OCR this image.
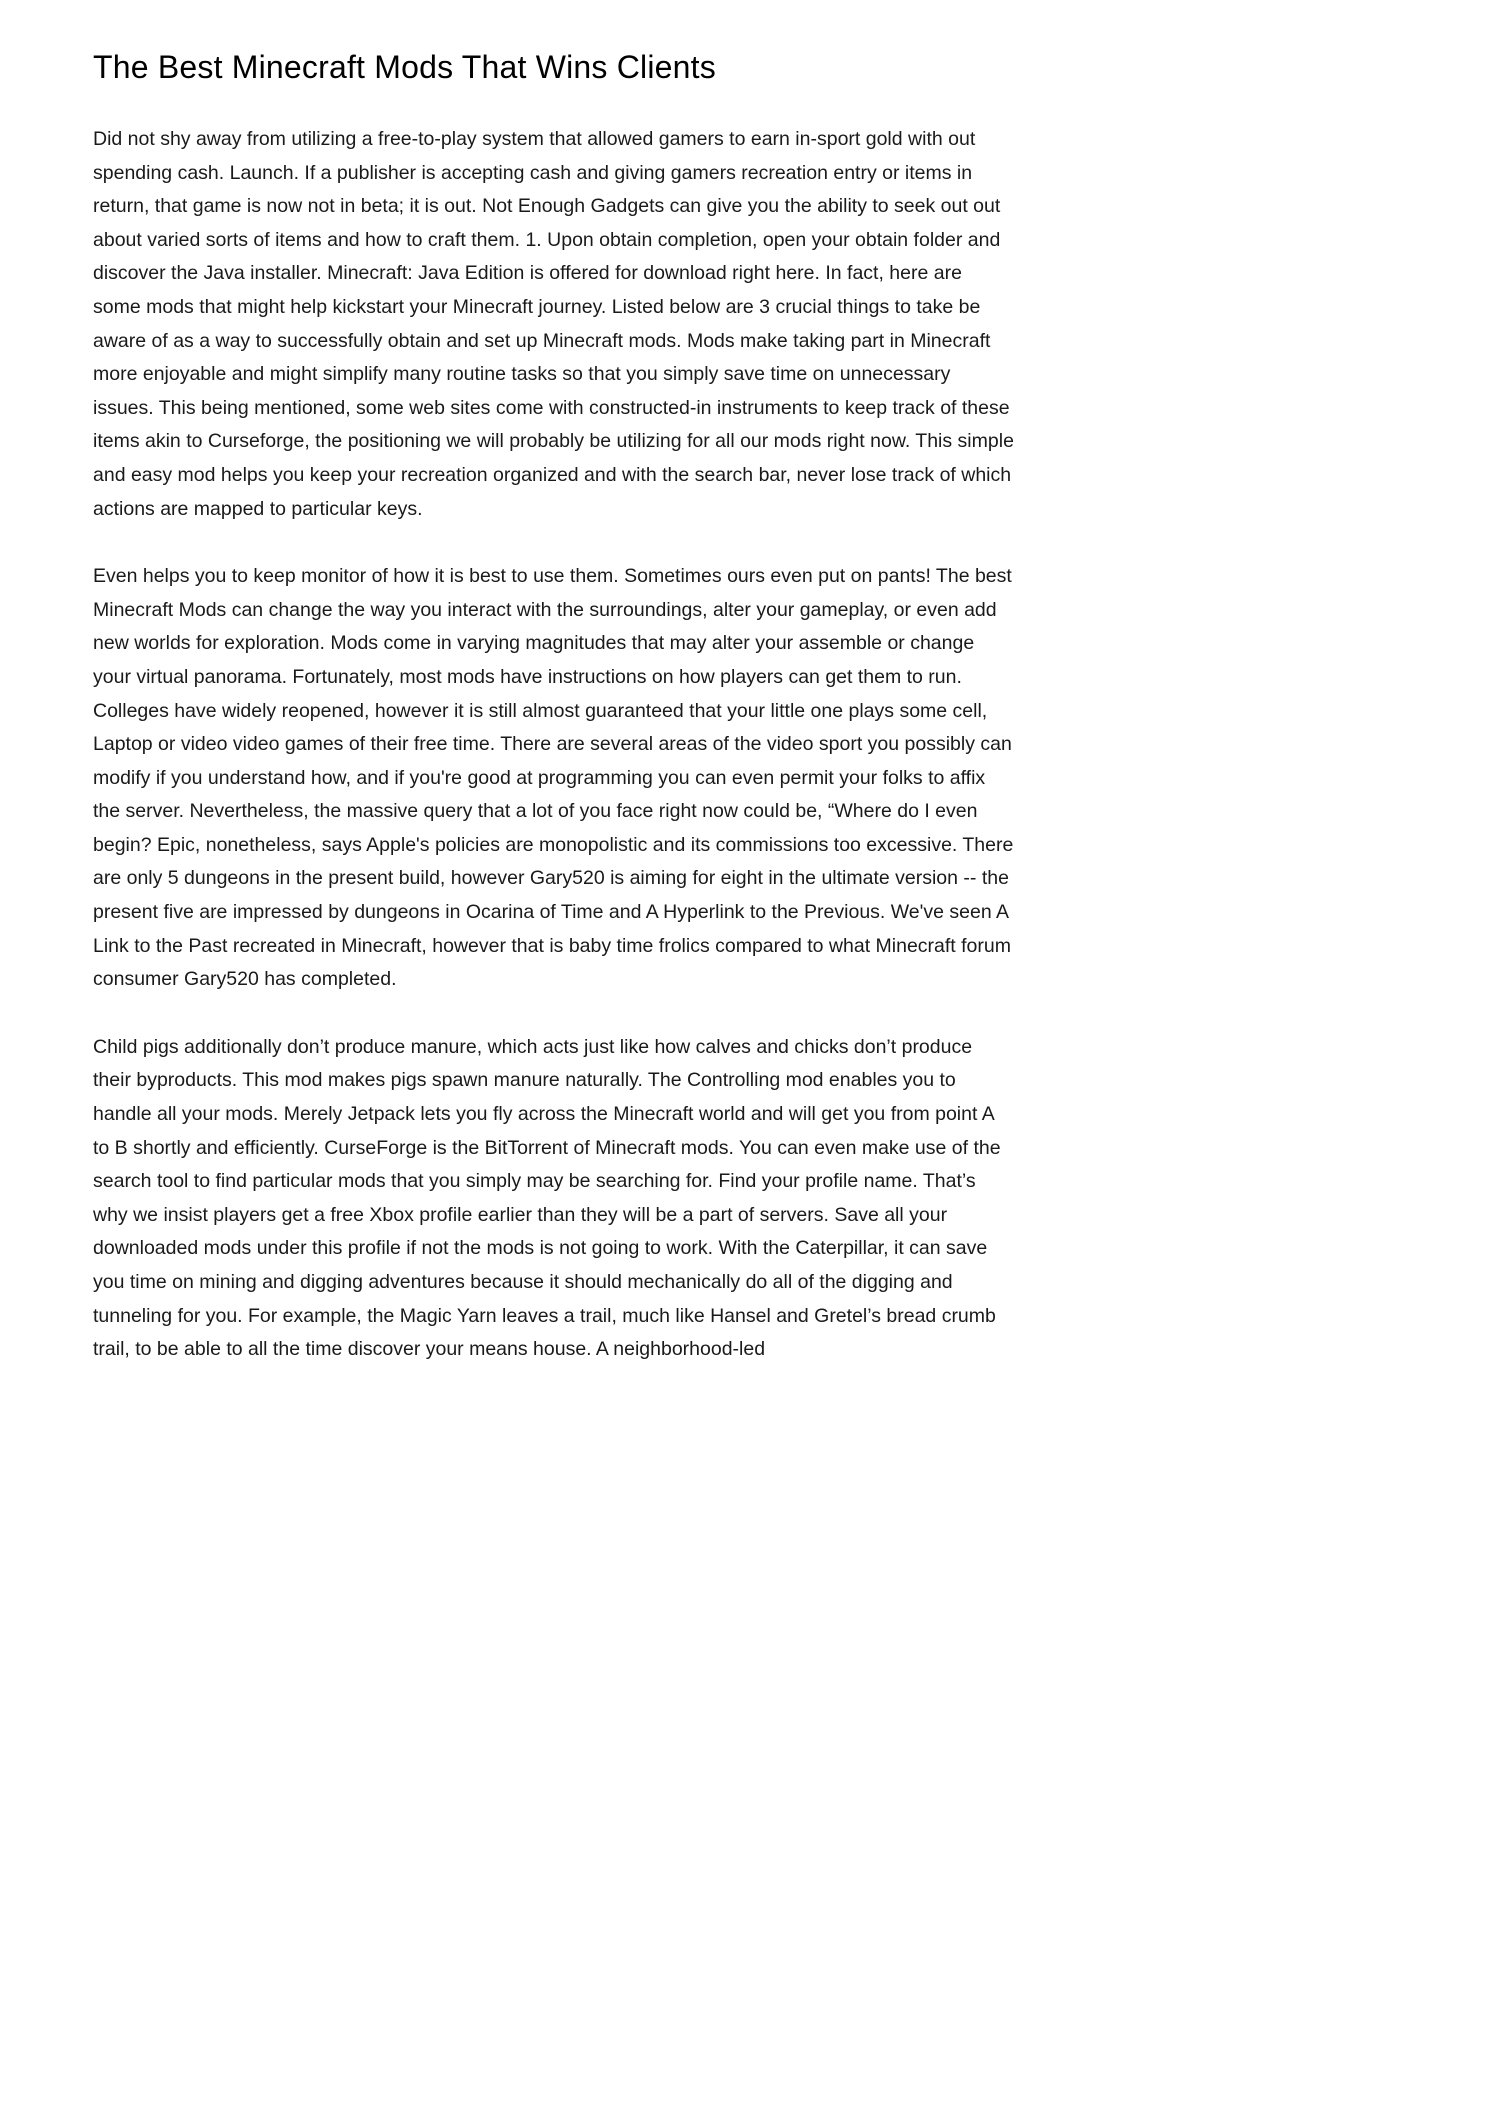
The Best Minecraft Mods That Wins Clients

Did not shy away from utilizing a free-to-play system that allowed gamers to earn in-sport gold with out spending cash. Launch. If a publisher is accepting cash and giving gamers recreation entry or items in return, that game is now not in beta; it is out. Not Enough Gadgets can give you the ability to seek out out about varied sorts of items and how to craft them. 1. Upon obtain completion, open your obtain folder and discover the Java installer. Minecraft: Java Edition is offered for download right here. In fact, here are some mods that might help kickstart your Minecraft journey. Listed below are 3 crucial things to take be aware of as a way to successfully obtain and set up Minecraft mods. Mods make taking part in Minecraft more enjoyable and might simplify many routine tasks so that you simply save time on unnecessary issues. This being mentioned, some web sites come with constructed-in instruments to keep track of these items akin to Curseforge, the positioning we will probably be utilizing for all our mods right now. This simple and easy mod helps you keep your recreation organized and with the search bar, never lose track of which actions are mapped to particular keys.

Even helps you to keep monitor of how it is best to use them. Sometimes ours even put on pants! The best Minecraft Mods can change the way you interact with the surroundings, alter your gameplay, or even add new worlds for exploration. Mods come in varying magnitudes that may alter your assemble or change your virtual panorama. Fortunately, most mods have instructions on how players can get them to run. Colleges have widely reopened, however it is still almost guaranteed that your little one plays some cell, Laptop or video video games of their free time. There are several areas of the video sport you possibly can modify if you understand how, and if you're good at programming you can even permit your folks to affix the server. Nevertheless, the massive query that a lot of you face right now could be, “Where do I even begin? Epic, nonetheless, says Apple's policies are monopolistic and its commissions too excessive. There are only 5 dungeons in the present build, however Gary520 is aiming for eight in the ultimate version -- the present five are impressed by dungeons in Ocarina of Time and A Hyperlink to the Previous. We've seen A Link to the Past recreated in Minecraft, however that is baby time frolics compared to what Minecraft forum consumer Gary520 has completed.

Child pigs additionally don’t produce manure, which acts just like how calves and chicks don’t produce their byproducts. This mod makes pigs spawn manure naturally. The Controlling mod enables you to handle all your mods. Merely Jetpack lets you fly across the Minecraft world and will get you from point A to B shortly and efficiently. CurseForge is the BitTorrent of Minecraft mods. You can even make use of the search tool to find particular mods that you simply may be searching for. Find your profile name. That’s why we insist players get a free Xbox profile earlier than they will be a part of servers. Save all your downloaded mods under this profile if not the mods is not going to work. With the Caterpillar, it can save you time on mining and digging adventures because it should mechanically do all of the digging and tunneling for you. For example, the Magic Yarn leaves a trail, much like Hansel and Gretel’s bread crumb trail, to be able to all the time discover your means house. A neighborhood-led
